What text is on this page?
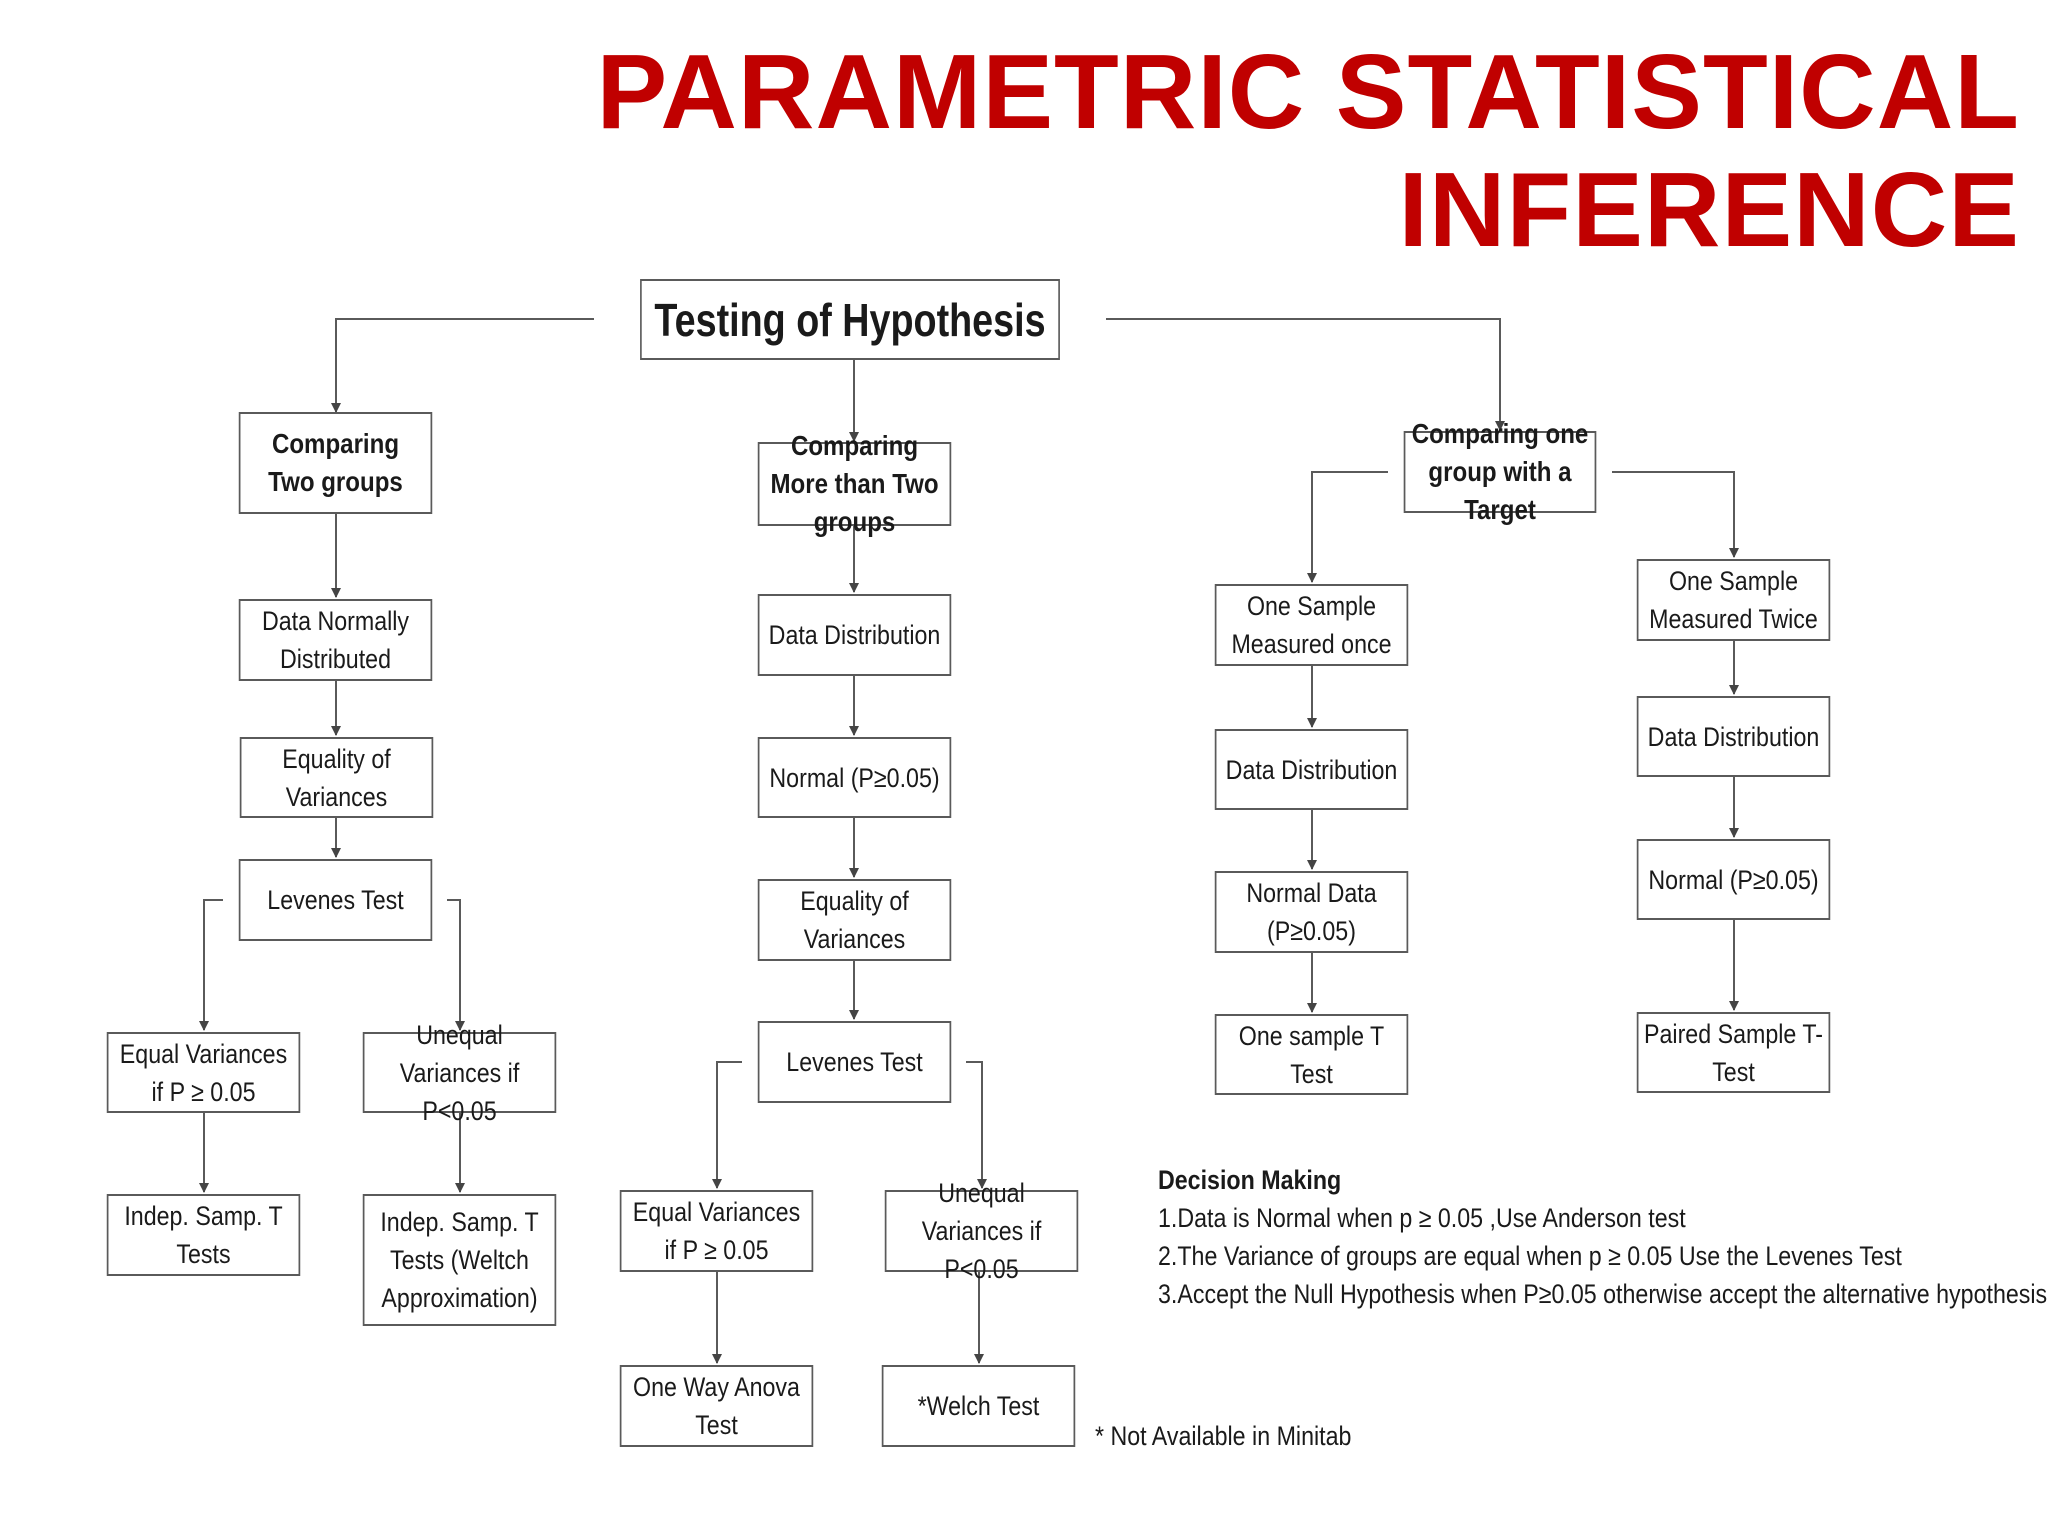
PARAMETRIC STATISTICAL
INFERENCE
Testing of Hypothesis
Comparing Two groups
Data Normally Distributed
Equality of Variances
Levenes Test
Equal Variances if P ≥ 0.05
Unequal Variances if P<0.05
Indep. Samp. T Tests
Indep. Samp. T Tests (Weltch Approximation)
Comparing More than Two groups
Data Distribution
Normal (P≥0.05)
Equality of Variances
Levenes Test
Equal Variances if P ≥ 0.05
Unequal Variances if P<0.05
One Way Anova Test
*Welch Test
* Not Available in Minitab
Comparing one group with a Target
One Sample Measured once
Data Distribution
Normal Data (P≥0.05)
One sample T Test
One Sample Measured Twice
Data Distribution
Normal (P≥0.05)
Paired Sample T-Test
Decision Making
1.Data is Normal when p ≥ 0.05 ,Use Anderson test
2.The Variance of groups are equal when p ≥ 0.05 Use the Levenes Test
3.Accept the Null Hypothesis when P≥0.05 otherwise accept the alternative hypothesis
